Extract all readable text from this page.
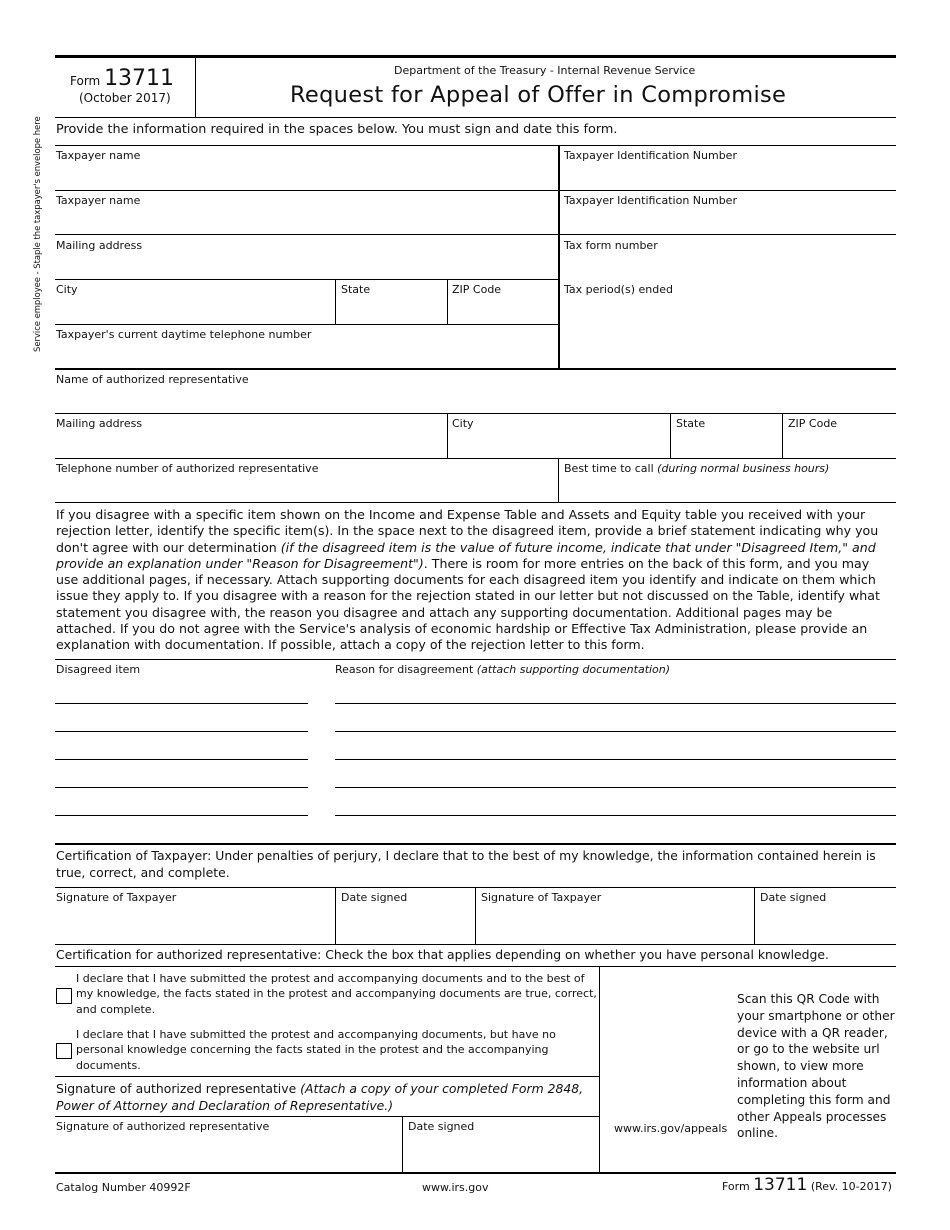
Service employee - Staple the taxpayer's envelope here
Form 13711
(October 2017)
Department of the Treasury - Internal Revenue Service
Request for Appeal of Offer in Compromise
Provide the information required in the spaces below. You must sign and date this form.
Taxpayer name	Taxpayer Identification Number
Taxpayer name	Taxpayer Identification Number
Mailing address	Tax form number
City	State	ZIP Code	Tax period(s) ended
Taxpayer's current daytime telephone number
Name of authorized representative
Mailing address	City	State	ZIP Code
Telephone number of authorized representative	Best time to call (during normal business hours)
If you disagree with a specific item shown on the Income and Expense Table and Assets and Equity table you received with your rejection letter, identify the specific item(s). In the space next to the disagreed item, provide a brief statement indicating why you don't agree with our determination (if the disagreed item is the value of future income, indicate that under "Disagreed Item," and provide an explanation under "Reason for Disagreement"). There is room for more entries on the back of this form, and you may use additional pages, if necessary. Attach supporting documents for each disagreed item you identify and indicate on them which issue they apply to. If you disagree with a reason for the rejection stated in our letter but not discussed on the Table, identify what statement you disagree with, the reason you disagree and attach any supporting documentation. Additional pages may be attached. If you do not agree with the Service's analysis of economic hardship or Effective Tax Administration, please provide an explanation with documentation. If possible, attach a copy of the rejection letter to this form.
Disagreed item	Reason for disagreement (attach supporting documentation)
Certification of Taxpayer: Under penalties of perjury, I declare that to the best of my knowledge, the information contained herein is true, correct, and complete.
Signature of Taxpayer	Date signed	Signature of Taxpayer	Date signed
Certification for authorized representative: Check the box that applies depending on whether you have personal knowledge.
I declare that I have submitted the protest and accompanying documents and to the best of my knowledge, the facts stated in the protest and accompanying documents are true, correct, and complete.
I declare that I have submitted the protest and accompanying documents, but have no personal knowledge concerning the facts stated in the protest and the accompanying documents.
Signature of authorized representative (Attach a copy of your completed Form 2848, Power of Attorney and Declaration of Representative.)
Signature of authorized representative	Date signed	www.irs.gov/appeals
Scan this QR Code with your smartphone or other device with a QR reader, or go to the website url shown, to view more information about completing this form and other Appeals processes online.
Catalog Number 40992F	www.irs.gov	Form 13711 (Rev. 10-2017)
